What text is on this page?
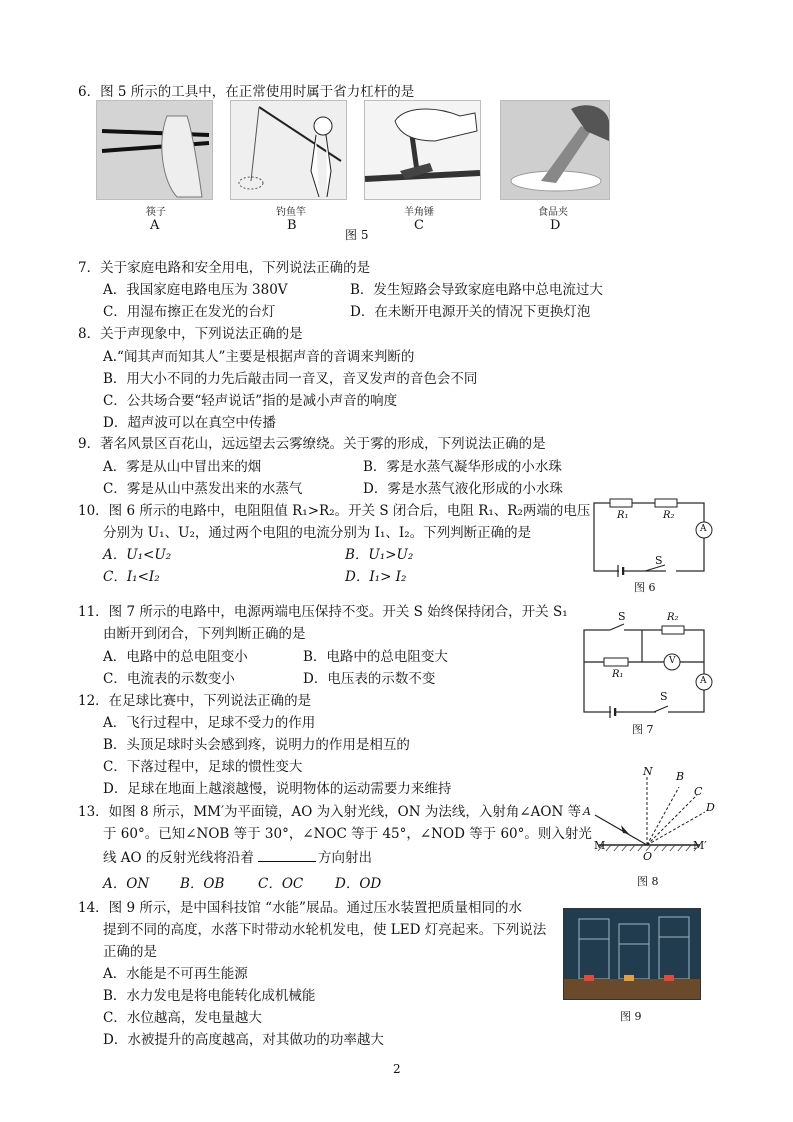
6．图 5 所示的工具中，在正常使用时属于省力杠杆的是
筷子	钓鱼竿	羊角锤	食品夹
A	B	C	D
图 5
7．关于家庭电路和安全用电，下列说法正确的是
A．我国家庭电路电压为 380V	B．发生短路会导致家庭电路中总电流过大
C．用湿布擦正在发光的台灯	D．在未断开电源开关的情况下更换灯泡
8．关于声现象中，下列说法正确的是
A.“闻其声而知其人”主要是根据声音的音调来判断的
B．用大小不同的力先后敲击同一音叉，音叉发声的音色会不同
C．公共场合要“轻声说话”指的是减小声音的响度
D．超声波可以在真空中传播
9．著名风景区百花山，远远望去云雾缭绕。关于雾的形成，下列说法正确的是
A．雾是从山中冒出来的烟	B．雾是水蒸气凝华形成的小水珠
C．雾是从山中蒸发出来的水蒸气	D．雾是水蒸气液化形成的小水珠
10．图 6 所示的电路中，电阻阻值 R₁>R₂。开关 S 闭合后，电阻 R₁、R₂两端的电压
分别为 U₁、U₂，通过两个电阻的电流分别为 I₁、I₂。下列判断正确的是
A．U₁<U₂	B．U₁>U₂
C．I₁<I₂	D．I₁> I₂
R₁	R₂
A
S
图 6
11．图 7 所示的电路中，电源两端电压保持不变。开关 S 始终保持闭合，开关 S₁
由断开到闭合，下列判断正确的是
A．电路中的总电阻变小	B．电路中的总电阻变大
C．电流表的示数变小	D．电压表的示数不变
S	R₂
R₁
V
A
S
图 7
12．在足球比赛中，下列说法正确的是
A．飞行过程中，足球不受力的作用
B．头顶足球时头会感到疼，说明力的作用是相互的
C．下落过程中，足球的惯性变大
D．足球在地面上越滚越慢，说明物体的运动需要力来维持
13．如图 8 所示，MM′为平面镜，AO 为入射光线，ON 为法线，入射角∠AON 等
于 60°。已知∠NOB 等于 30°，∠NOC 等于 45°，∠NOD 等于 60°。则入射光
线 AO 的反射光线将沿着	方向射出
A．ON B．OB C．OC D．OD
N B
C
D
A
M	M′
O
图 8
14．图 9 所示，是中国科技馆 “水能”展品。通过压水装置把质量相同的水
提到不同的高度，水落下时带动水轮机发电，使 LED 灯亮起来。下列说法
正确的是
A．水能是不可再生能源
B．水力发电是将电能转化成机械能
C．水位越高，发电量越大
D．水被提升的高度越高，对其做功的功率越大
图 9
2
